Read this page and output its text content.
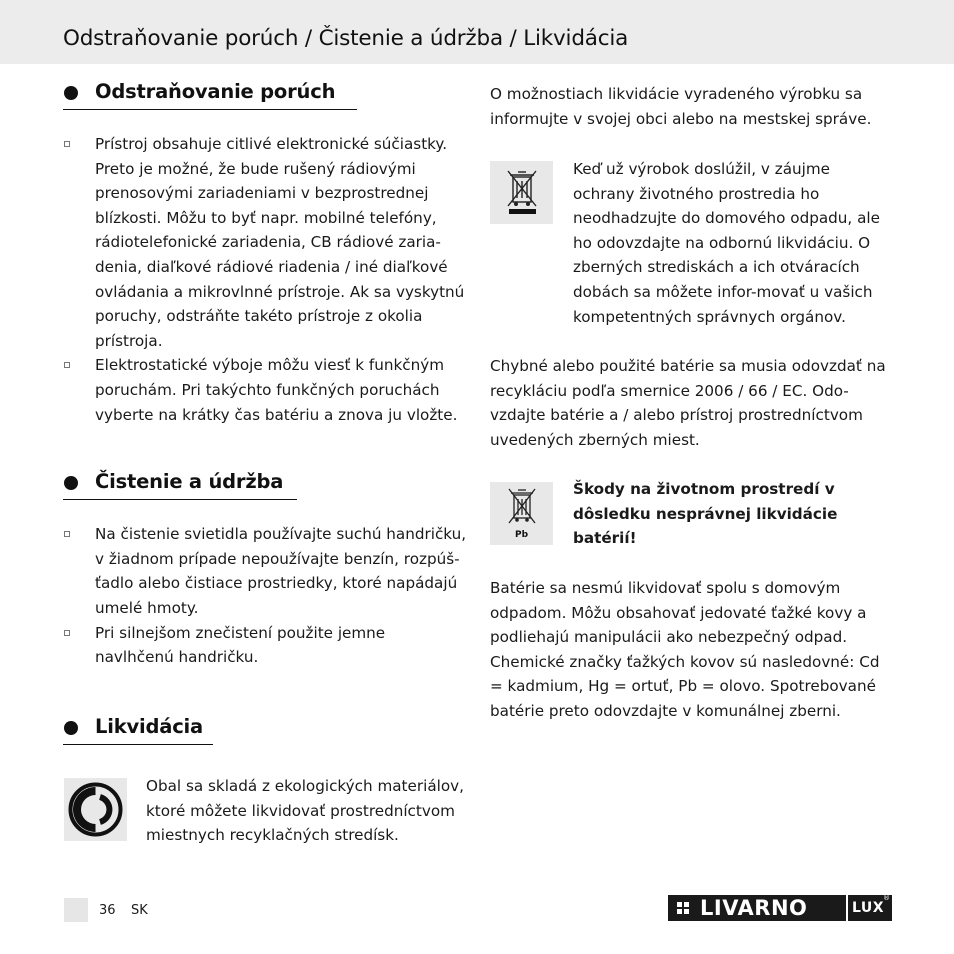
Odstraňovanie porúch / Čistenie a údržba / Likvidácia
Odstraňovanie porúch
Prístroj obsahuje citlivé elektronické súčiastky. Preto je možné, že bude rušený rádiovými prenosovými zariadeniami v bezprostrednej blízkosti. Môžu to byť napr. mobilné telefóny, rádiotelefonické zariadenia, CB rádiové zaria-denia, diaľkové rádiové riadenia / iné diaľkové ovládania a mikrovlnné prístroje. Ak sa vyskytnú poruchy, odstráňte takéto prístroje z okolia prístroja.
Elektrostatické výboje môžu viesť k funkčným poruchám. Pri takýchto funkčných poruchách vyberte na krátky čas batériu a znova ju vložte.
Čistenie a údržba
Na čistenie svietidla používajte suchú handričku, v žiadnom prípade nepoužívajte benzín, rozpúš-ťadlo alebo čistiace prostriedky, ktoré napádajú umelé hmoty.
Pri silnejšom znečistení použite jemne navlhčenú handričku.
Likvidácia

Obal sa skladá z ekologických materiálov, ktoré môžete likvidovať prostredníctvom miestnych recyklačných stredísk.

O možnostiach likvidácie vyradeného výrobku sa informujte v svojej obci alebo na mestskej správe.

Keď už výrobok doslúžil, v záujme ochrany životného prostredia ho neodhadzujte do domového odpadu, ale ho odovzdajte na odbornú likvidáciu. O zberných strediskách a ich otváracích dobách sa môžete infor-movať u vašich kompetentných správnych orgánov.

Chybné alebo použité batérie sa musia odovzdať na recykláciu podľa smernice 2006 / 66 / EC. Odo-vzdajte batérie a / alebo prístroj prostredníctvom uvedených zberných miest.

Pb

Škody na životnom prostredí v dôsledku nesprávnej likvidácie batérií!

Batérie sa nesmú likvidovať spolu s domovým odpadom. Môžu obsahovať jedovaté ťažké kovy a podliehajú manipulácii ako nebezpečný odpad. Chemické značky ťažkých kovov sú nasledovné: Cd = kadmium, Hg = ortuť, Pb = olovo. Spotrebované batérie preto odovzdajte v komunálnej zberni.

36 SK	LIVARNO	LUX
®
